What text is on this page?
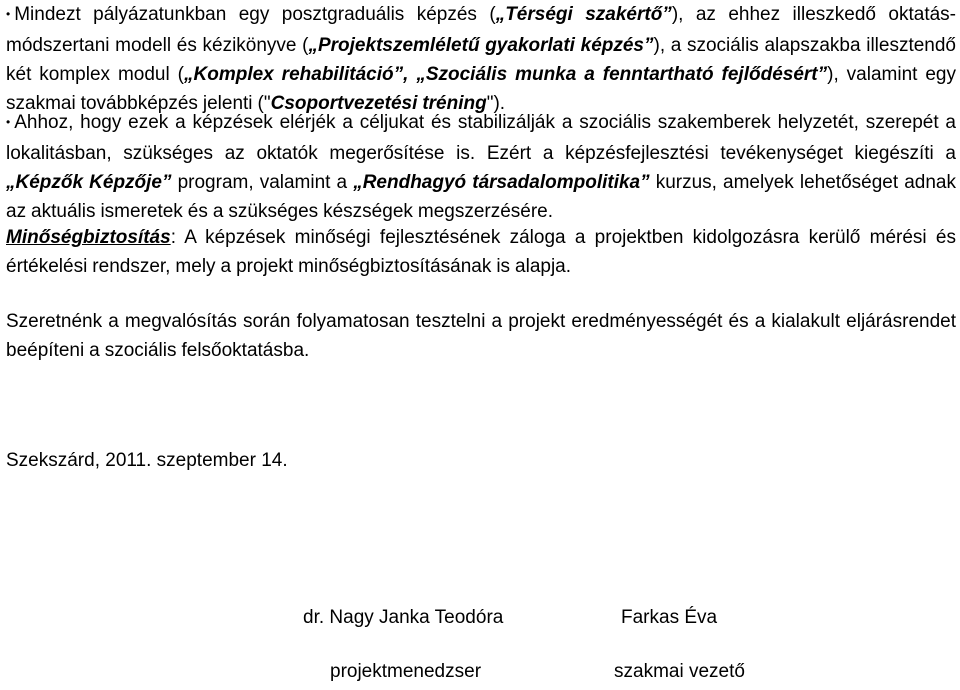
• Mindezt pályázatunkban egy posztgraduális képzés („Térségi szakértő”), az ehhez illeszkedő oktatás-módszertani modell és kézikönyve („Projektszemléletű gyakorlati képzés”), a szociális alapszakba illesztendő két komplex modul („Komplex rehabilitáció”, „Szociális munka a fenntartható fejlődésért”), valamint egy szakmai továbbképzés jelenti ("Csoportvezetési tréning").

• Ahhoz, hogy ezek a képzések elérjék a céljukat és stabilizálják a szociális szakemberek helyzetét, szerepét a lokalitásban, szükséges az oktatók megerősítése is. Ezért a képzésfejlesztési tevékenységet kiegészíti a „Képzők Képzője” program, valamint a „Rendhagyó társadalompolitika” kurzus, amelyek lehetőséget adnak az aktuális ismeretek és a szükséges készségek megszerzésére.

Minőségbiztosítás: A képzések minőségi fejlesztésének záloga a projektben kidolgozásra kerülő mérési és értékelési rendszer, mely a projekt minőségbiztosításának is alapja.

Szeretnénk a megvalósítás során folyamatosan tesztelni a projekt eredményességét és a kialakult eljárásrendet beépíteni a szociális felsőoktatásba.

Szekszárd, 2011. szeptember 14.

dr. Nagy Janka Teodóra

projektmenedzser

Farkas Éva

szakmai vezető
